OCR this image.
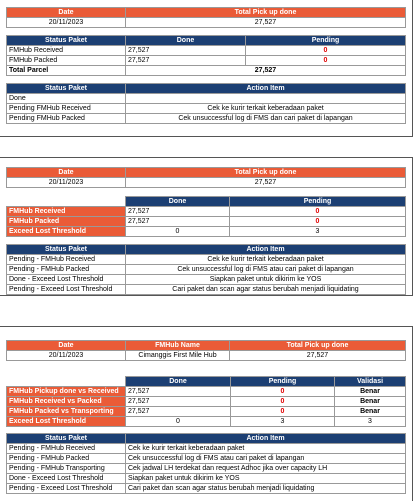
Date	Total Pick up done
20/11/2023	27,527
Status Paket	Done	Pending
FMHub Received	27,527	0
FMHub Packed	27,527	0
Total Parcel	27,527	
Status Paket	Action Item
Done	
Pending FMHub Received	Cek ke kurir terkait keberadaan paket
Pending FMHub Packed	Cek unsuccessful log di FMS dan cari paket di lapangan
Date	Total Pick up done
20/11/2023	27,527
	Done	Pending
FMHub Received	27,527	0
FMHub Packed	27,527	0
Exceed Lost Threshold	0	3
Status Paket	Action Item
Pending - FMHub Received	Cek ke kurir terkait keberadaan paket
Pending - FMHub Packed	Cek unsuccessful log di FMS atau cari paket di lapangan
Done - Exceed Lost Threshold	Siapkan paket untuk dikirim ke YOS
Pending - Exceed Lost Threshold	Cari paket dan scan agar status berubah menjadi liquidating
Date	FMHub Name	Total Pick up done
20/11/2023	Cimanggis First Mile Hub	27,527
	Done	Pending	Validasi
FMHub Pickup done vs Received	27,527	0	Benar
FMHub Received vs Packed	27,527	0	Benar
FMHub Packed vs Transporting	27,527	0	Benar
Exceed Lost Threshold	0	3	3
Status Paket	Action Item
Pending - FMHub Received	Cek ke kurir terkait keberadaan paket
Pending - FMHub Packed	Cek unsuccessful log di FMS atau cari paket di lapangan
Pending - FMHub Transporting	Cek jadwal LH terdekat dan request Adhoc jika over capacity LH
Done - Exceed Lost Threshold	Siapkan paket untuk dikirim ke YOS
Pending - Exceed Lost Threshold	Cari paket dan scan agar status berubah menjadi liquidating
